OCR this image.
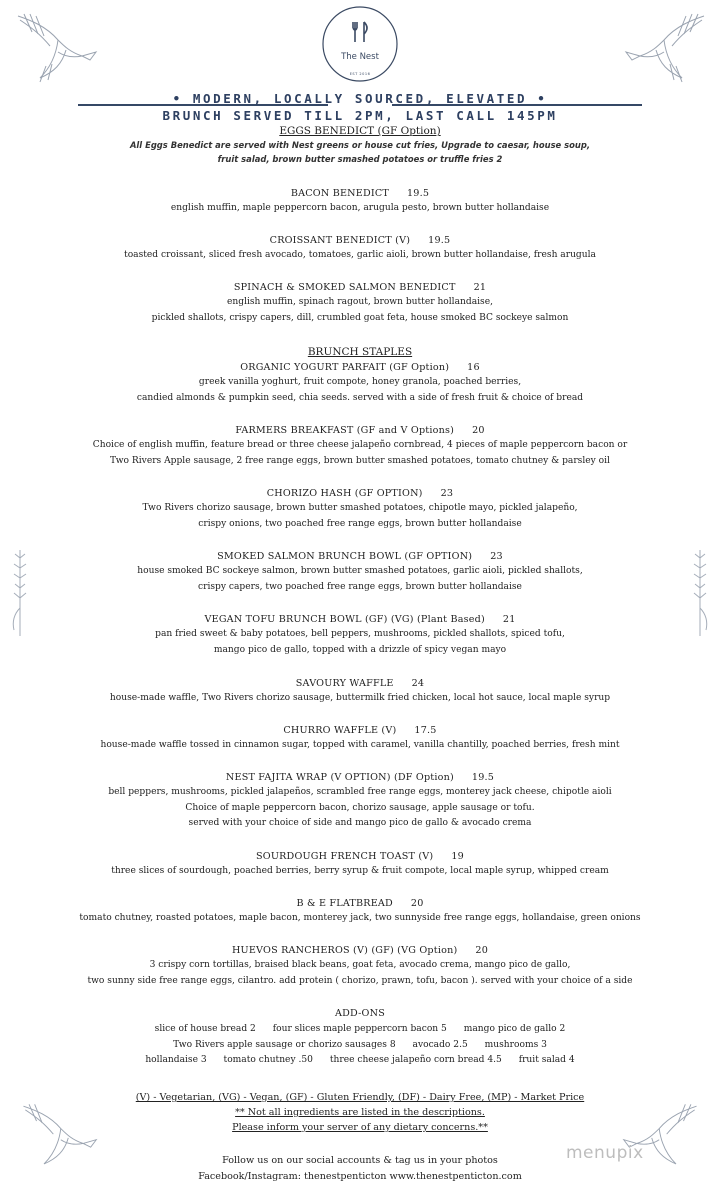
The Nest
EST 2016
• MODERN, LOCALLY SOURCED, ELEVATED •
BRUNCH SERVED TILL 2PM, LAST CALL 145PM
EGGS BENEDICT (GF Option)
All Eggs Benedict are served with Nest greens or house cut fries, Upgrade to caesar, house soup,
fruit salad, brown butter smashed potatoes or truffle fries 2
BACON BENEDICT 19.5
english muffin, maple peppercorn bacon, arugula pesto, brown butter hollandaise
CROISSANT BENEDICT (V) 19.5
toasted croissant, sliced fresh avocado, tomatoes, garlic aioli, brown butter hollandaise, fresh arugula
SPINACH & SMOKED SALMON BENEDICT 21
english muffin, spinach ragout, brown butter hollandaise,
pickled shallots, crispy capers, dill, crumbled goat feta, house smoked BC sockeye salmon
BRUNCH STAPLES
ORGANIC YOGURT PARFAIT (GF Option) 16
greek vanilla yoghurt, fruit compote, honey granola, poached berries,
candied almonds & pumpkin seed, chia seeds. served with a side of fresh fruit & choice of bread
FARMERS BREAKFAST (GF and V Options) 20
Choice of english muffin, feature bread or three cheese jalapeño cornbread, 4 pieces of maple peppercorn bacon or
Two Rivers Apple sausage, 2 free range eggs, brown butter smashed potatoes, tomato chutney & parsley oil
CHORIZO HASH (GF OPTION) 23
Two Rivers chorizo sausage, brown butter smashed potatoes, chipotle mayo, pickled jalapeño,
crispy onions, two poached free range eggs, brown butter hollandaise
SMOKED SALMON BRUNCH BOWL (GF OPTION) 23
house smoked BC sockeye salmon, brown butter smashed potatoes, garlic aioli, pickled shallots,
crispy capers, two poached free range eggs, brown butter hollandaise
VEGAN TOFU BRUNCH BOWL (GF) (VG) (Plant Based) 21
pan fried sweet & baby potatoes, bell peppers, mushrooms, pickled shallots, spiced tofu,
mango pico de gallo, topped with a drizzle of spicy vegan mayo
SAVOURY WAFFLE 24
house-made waffle, Two Rivers chorizo sausage, buttermilk fried chicken, local hot sauce, local maple syrup
CHURRO WAFFLE (V) 17.5
house-made waffle tossed in cinnamon sugar, topped with caramel, vanilla chantilly, poached berries, fresh mint
NEST FAJITA WRAP (V OPTION) (DF Option) 19.5
bell peppers, mushrooms, pickled jalapeños, scrambled free range eggs, monterey jack cheese, chipotle aioli
Choice of maple peppercorn bacon, chorizo sausage, apple sausage or tofu.
served with your choice of side and mango pico de gallo & avocado crema
SOURDOUGH FRENCH TOAST (V) 19
three slices of sourdough, poached berries, berry syrup & fruit compote, local maple syrup, whipped cream
B & E FLATBREAD 20
tomato chutney, roasted potatoes, maple bacon, monterey jack, two sunnyside free range eggs, hollandaise, green onions
HUEVOS RANCHEROS (V) (GF) (VG Option) 20
3 crispy corn tortillas, braised black beans, goat feta, avocado crema, mango pico de gallo,
two sunny side free range eggs, cilantro. add protein ( chorizo, prawn, tofu, bacon ). served with your choice of a side
ADD-ONS
slice of house bread 2 four slices maple peppercorn bacon 5 mango pico de gallo 2
Two Rivers apple sausage or chorizo sausages 8 avocado 2.5 mushrooms 3
hollandaise 3 tomato chutney .50 three cheese jalapeño corn bread 4.5 fruit salad 4
(V) - Vegetarian, (VG) - Vegan, (GF) - Gluten Friendly, (DF) - Dairy Free, (MP) - Market Price
** Not all ingredients are listed in the descriptions.
Please inform your server of any dietary concerns.**
Follow us on our social accounts & tag us in your photos
Facebook/Instagram: thenestpenticton www.thenestpenticton.com
menupix
